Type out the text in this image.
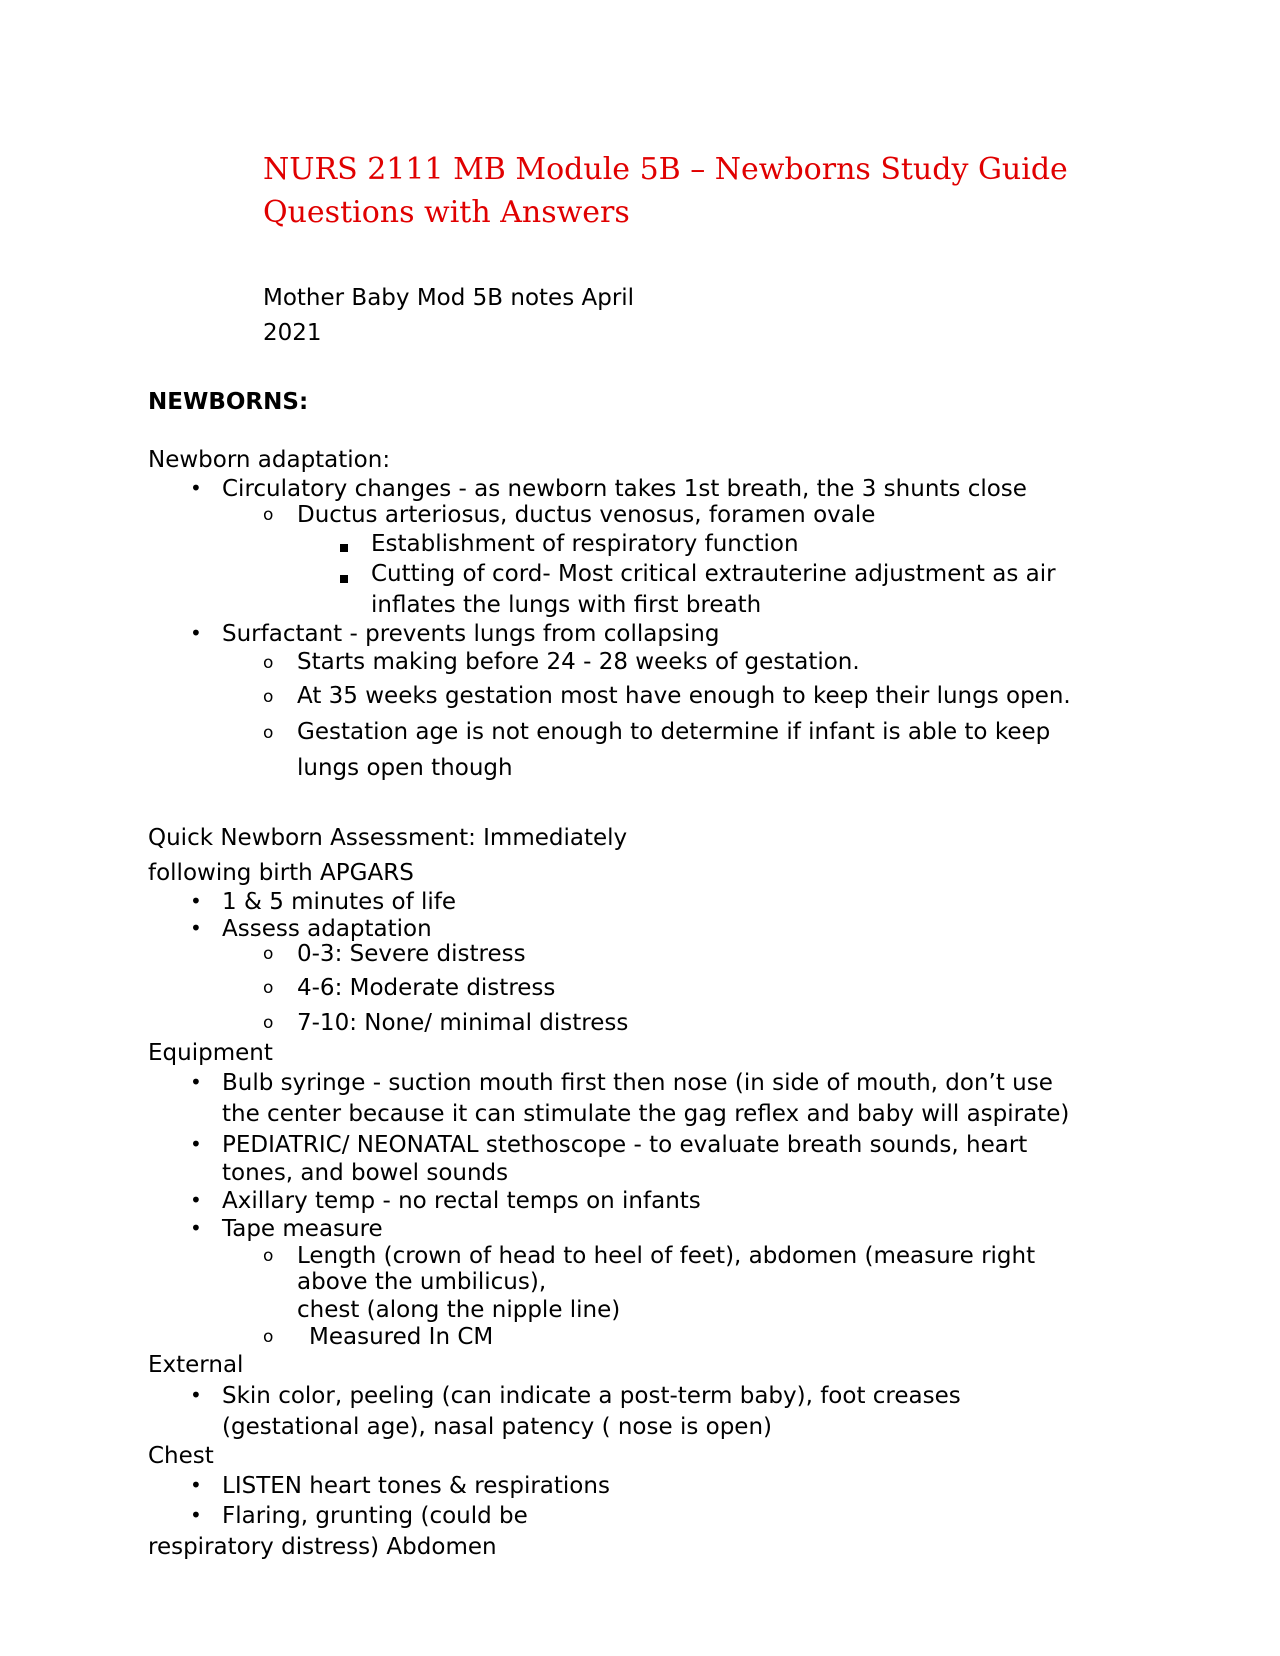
NURS 2111 MB Module 5B – Newborns Study Guide Questions with Answers

Mother Baby Mod 5B notes April 2021

NEWBORNS:
Newborn adaptation:
• Circulatory changes - as newborn takes 1st breath, the 3 shunts close
o Ductus arteriosus, ductus venosus, foramen ovale
Establishment of respiratory function
Cutting of cord- Most critical extrauterine adjustment as air
inflates the lungs with first breath
• Surfactant - prevents lungs from collapsing
o Starts making before 24 - 28 weeks of gestation.
o At 35 weeks gestation most have enough to keep their lungs open.
o Gestation age is not enough to determine if infant is able to keep
lungs open though
Quick Newborn Assessment: Immediately
following birth APGARS
• 1 & 5 minutes of life
• Assess adaptation
o 0-3: Severe distress
o 4-6: Moderate distress
o 7-10: None/ minimal distress
Equipment
• Bulb syringe - suction mouth first then nose (in side of mouth, don’t use
the center because it can stimulate the gag reflex and baby will aspirate)
• PEDIATRIC/ NEONATAL stethoscope - to evaluate breath sounds, heart
tones, and bowel sounds
• Axillary temp - no rectal temps on infants
• Tape measure
o Length (crown of head to heel of feet), abdomen (measure right
above the umbilicus),
chest (along the nipple line)
o Measured In CM
External
• Skin color, peeling (can indicate a post-term baby), foot creases
(gestational age), nasal patency ( nose is open)
Chest
• LISTEN heart tones & respirations
• Flaring, grunting (could be
respiratory distress) Abdomen
